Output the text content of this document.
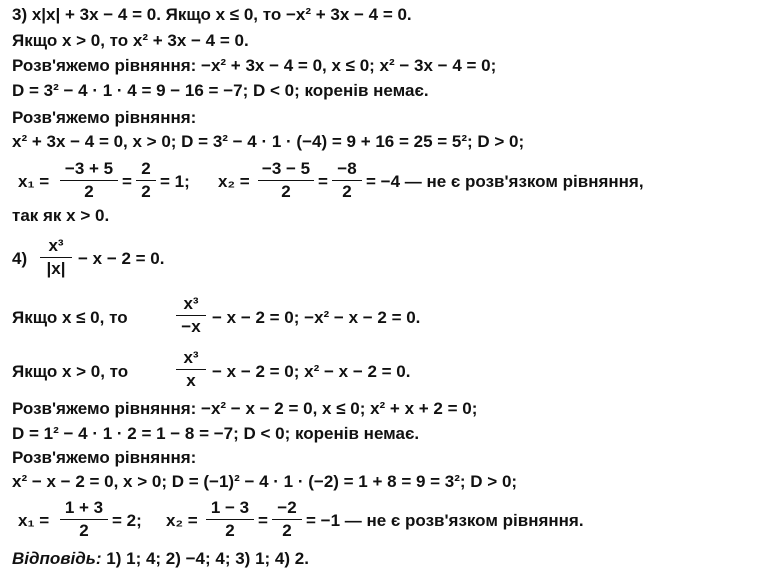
3) x|x| + 3x − 4 = 0. Якщо x ≤ 0, то −x² + 3x − 4 = 0.
Якщо x > 0, то x² + 3x − 4 = 0.
Розв'яжемо рівняння: −x² + 3x − 4 = 0, x ≤ 0; x² − 3x − 4 = 0;
D = 3² − 4 · 1 · 4 = 9 − 16 = −7; D < 0; коренів немає.
Розв'яжемо рівняння:
x² + 3x − 4 = 0, x > 0; D = 3² − 4 · 1 · (−4) = 9 + 16 = 25 = 5²; D > 0;
x₁ =
−3 + 5
2
=
2
2
= 1; x₂ =
−3 − 5
2
=
−8
2
= −4 — не є розв'язком рівняння,
так як x > 0.
4)
x³
|x|
− x − 2 = 0.
Якщо x ≤ 0, то
x³
−x − x − 2 = 0; −x² − x − 2 = 0.
Якщо x > 0, то
x³
x − x − 2 = 0; x² − x − 2 = 0.
Розв'яжемо рівняння: −x² − x − 2 = 0, x ≤ 0; x² + x + 2 = 0;
D = 1² − 4 · 1 · 2 = 1 − 8 = −7; D < 0; коренів немає.
Розв'яжемо рівняння:
x² − x − 2 = 0, x > 0; D = (−1)² − 4 · 1 · (−2) = 1 + 8 = 9 = 3²; D > 0;
x₁ =
1 + 3
2
= 2; x₂ =
1 − 3
2
=
−2
2
= −1 — не є розв'язком рівняння.
Відповідь: 1) 1; 4; 2) −4; 4; 3) 1; 4) 2.
